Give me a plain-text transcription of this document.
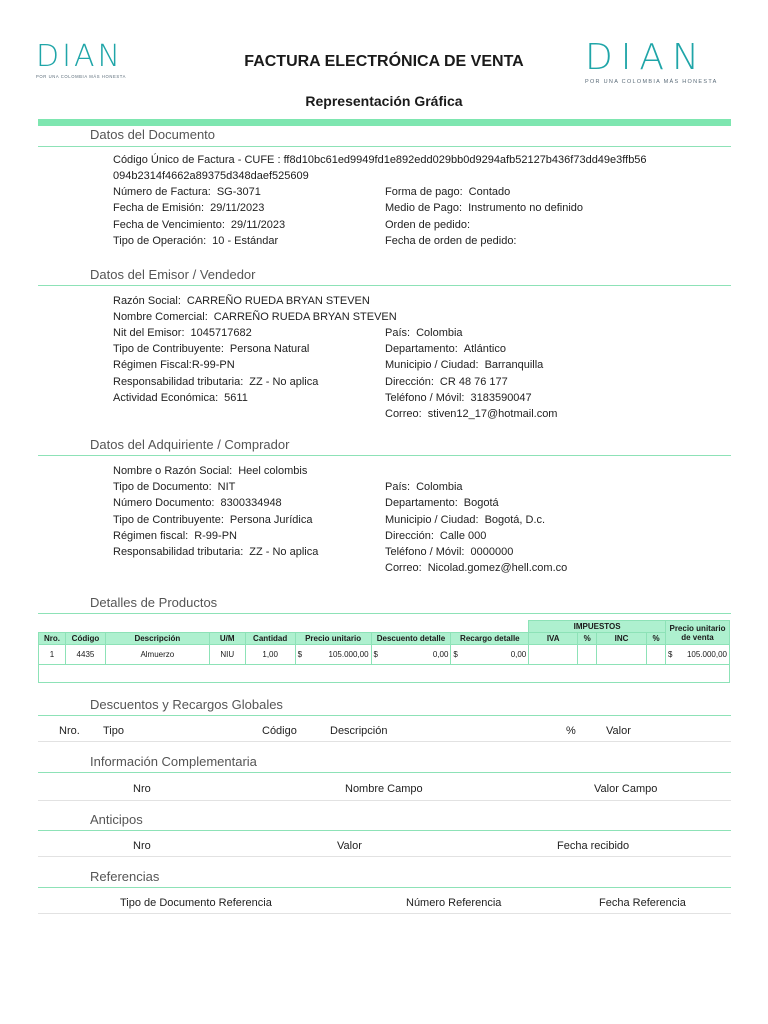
DIAN
POR UNA COLOMBIA MÁS HONESTA	DIAN
POR UNA COLOMBIA MÁS HONESTA
FACTURA ELECTRÓNICA DE VENTA
Representación Gráfica
Datos del Documento
Código Único de Factura - CUFE : ff8d10bc61ed9949fd1e892edd029bb0d9294afb52127b436f73dd49e3ffb56
094b2314f4662a89375d348daef525609
Número de Factura: SG-3071
Fecha de Emisión: 29/11/2023
Fecha de Vencimiento: 29/11/2023
Tipo de Operación: 10 - Estándar
Forma de pago: Contado
Medio de Pago: Instrumento no definido
Orden de pedido:
Fecha de orden de pedido:
Datos del Emisor / Vendedor
Razón Social: CARREÑO RUEDA BRYAN STEVEN
Nombre Comercial: CARREÑO RUEDA BRYAN STEVEN
Nit del Emisor: 1045717682
Tipo de Contribuyente: Persona Natural
Régimen Fiscal:R-99-PN
Responsabilidad tributaria: ZZ - No aplica
Actividad Económica: 5611
País: Colombia
Departamento: Atlántico
Municipio / Ciudad: Barranquilla
Dirección: CR 48 76 177
Teléfono / Móvil: 3183590047
Correo: stiven12_17@hotmail.com
Datos del Adquiriente / Comprador
Nombre o Razón Social: Heel colombis
Tipo de Documento: NIT
Número Documento: 8300334948
Tipo de Contribuyente: Persona Jurídica
Régimen fiscal: R-99-PN
Responsabilidad tributaria: ZZ - No aplica
País: Colombia
Departamento: Bogotá
Municipio / Ciudad: Bogotá, D.c.
Dirección: Calle 000
Teléfono / Móvil: 0000000
Correo: Nicolad.gomez@hell.com.co
Detalles de Productos
								IMPUESTOS				Precio unitario de venta
Nro.	Código	Descripción	U/M	Cantidad	Precio unitario	Descuento detalle	Recargo detalle	IVA	%	INC	%	
1	4435	Almuerzo	NIU	1,00	$ 105.000,00	$ 0,00	$ 0,00					$ 105.000,00

Descuentos y Recargos Globales
Nro. Tipo	Código	Descripción	%	Valor
Información Complementaria
Nro	Nombre Campo	Valor Campo
Anticipos
Nro	Valor	Fecha recibido
Referencias
Tipo de Documento Referencia	Número Referencia	Fecha Referencia
